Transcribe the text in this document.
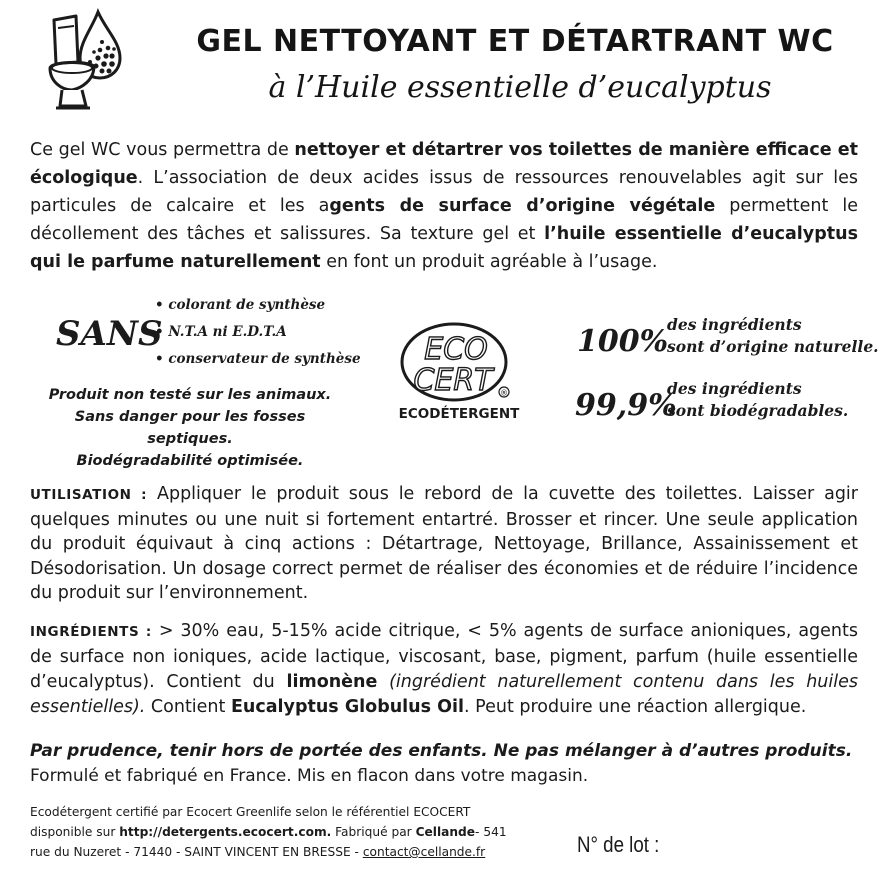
GEL NETTOYANT ET DÉTARTRANT WC
à l’Huile essentielle d’eucalyptus
Ce gel WC vous permettra de nettoyer et détartrer vos toilettes de manière efficace et écologique. L’association de deux acides issus de ressources renouvelables agit sur les particules de calcaire et les agents de surface d’origine végétale permettent le décollement des tâches et salissures. Sa texture gel et l’huile essentielle d’eucalyptus qui le parfume naturellement en font un produit agréable à l’usage.
SANS
• colorant de synthèse
• N.T.A ni E.D.T.A
• conservateur de synthèse
Produit non testé sur les animaux.
Sans danger pour les fosses septiques.
Biodégradabilité optimisée.
ECO
CERT ®
ECODÉTERGENT
100%
des ingrédients
sont d’origine naturelle.
99,9%
des ingrédients
sont biodégradables.
UTILISATION : Appliquer le produit sous le rebord de la cuvette des toilettes. Laisser agir quelques minutes ou une nuit si fortement entartré. Brosser et rincer. Une seule application du produit équivaut à cinq actions : Détartrage, Nettoyage, Brillance, Assainissement et Désodorisation. Un dosage correct permet de réaliser des économies et de réduire l’incidence du produit sur l’environnement.
INGRÉDIENTS : > 30% eau, 5-15% acide citrique, < 5% agents de surface anioniques, agents de surface non ioniques, acide lactique, viscosant, base, pigment, parfum (huile essentielle d’eucalyptus). Contient du limonène (ingrédient naturellement contenu dans les huiles essentielles). Contient Eucalyptus Globulus Oil. Peut produire une réaction allergique.
Par prudence, tenir hors de portée des enfants. Ne pas mélanger à d’autres produits.
Formulé et fabriqué en France. Mis en flacon dans votre magasin.
Ecodétergent certifié par Ecocert Greenlife selon le référentiel ECOCERT
disponible sur http://detergents.ecocert.com. Fabriqué par Cellande- 541
rue du Nuzeret - 71440 - SAINT VINCENT EN BRESSE - contact@cellande.fr	N° de lot :
